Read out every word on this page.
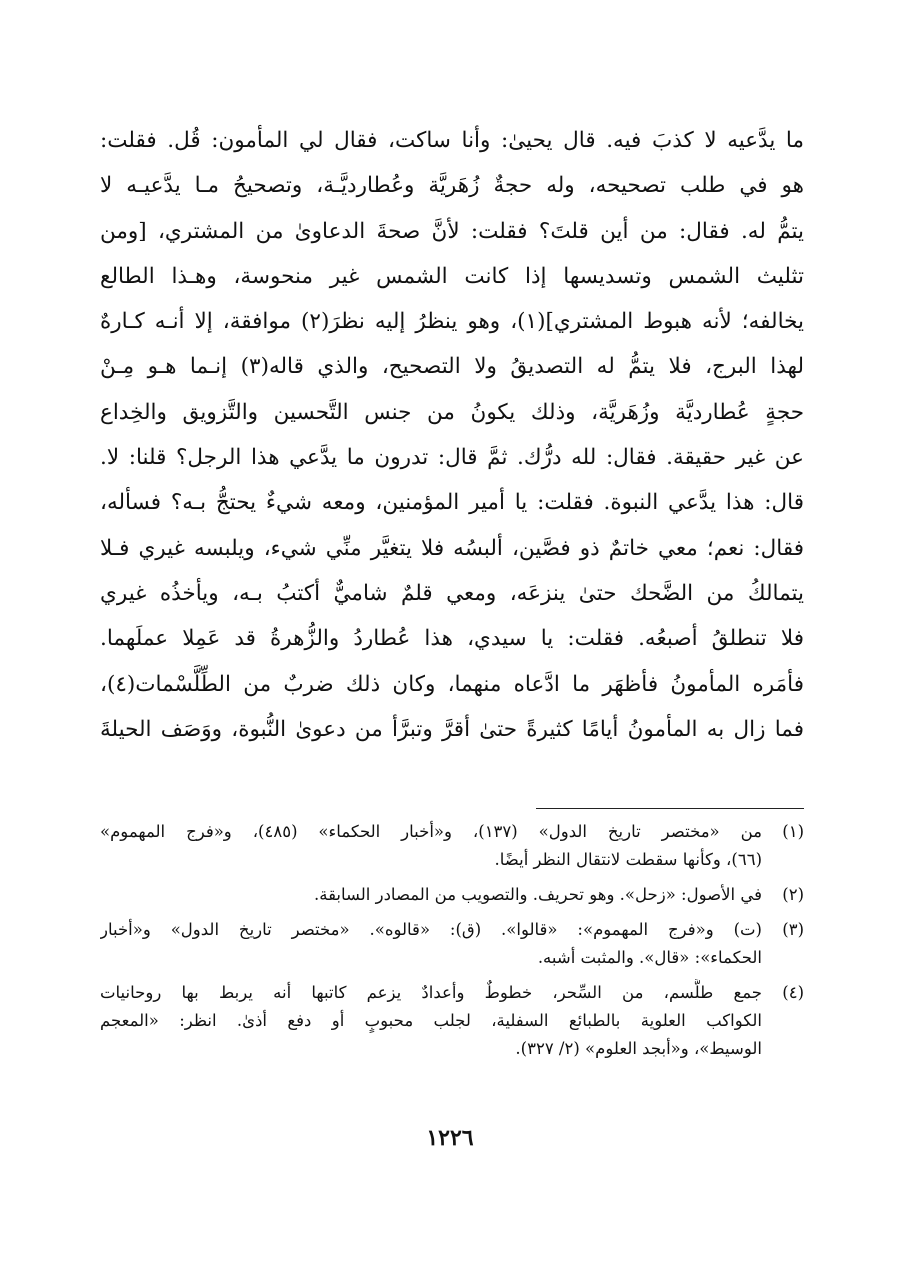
ما يدَّعيه لا كذبَ فيه. قال يحيىٰ: وأنا ساكت، فقال لي المأمون: قُل. فقلت:
هو في طلب تصحيحه، وله حجةٌ زُهَريَّة وعُطارديَّـة، وتصحيحُ مـا يدَّعيـه لا
يتمُّ له. فقال: من أين قلتَ؟ فقلت: لأنَّ صحةَ الدعاوىٰ من المشتري، [ومن
تثليث الشمس وتسديسها إذا كانت الشمس غير منحوسة، وهـذا الطالع
يخالفه؛ لأنه هبوط المشتري](١)، وهو ينظرُ إليه نظرَ(٢) موافقة، إلا أنـه كـارهٌ
لهذا البرج، فلا يتمُّ له التصديقُ ولا التصحيح، والذي قاله(٣) إنـما هـو مِـنْ
حجةٍ عُطارديَّة وزُهَريَّة، وذلك يكونُ من جنس التَّحسين والتَّزويق والخِداع
عن غير حقيقة. فقال: لله درُّك. ثمَّ قال: تدرون ما يدَّعي هذا الرجل؟ قلنا: لا.
قال: هذا يدَّعي النبوة. فقلت: يا أمير المؤمنين، ومعه شيءٌ يحتجُّ بـه؟ فسأله،
فقال: نعم؛ معي خاتمٌ ذو فصَّين، ألبسُه فلا يتغيَّر منِّي شيء، ويلبسه غيري فـلا
يتمالكُ من الضَّحك حتىٰ ينزعَه، ومعي قلمٌ شاميٌّ أكتبُ بـه، ويأخذُه غيري
فلا تنطلقُ أصبعُه. فقلت: يا سيدي، هذا عُطاردُ والزُّهرةُ قد عَمِلا عملَهما.
فأمَره المأمونُ فأظهَر ما ادَّعاه منهما، وكان ذلك ضربٌ من الطِّلَّسْمات(٤)،
فما زال به المأمونُ أيامًا كثيرةً حتىٰ أقرَّ وتبرَّأ من دعوىٰ النُّبوة، ووَصَف الحيلةَ
(١)
من «مختصر تاريخ الدول» (١٣٧)، و«أخبار الحكماء» (٤٨٥)، و«فرج المهموم»
(٦٦)، وكأنها سقطت لانتقال النظر أيضًا.
(٢)
في الأصول: «زحل». وهو تحريف. والتصويب من المصادر السابقة.
(٣)
(ت) و«فرج المهموم»: «قالوا». (ق): «قالوه». «مختصر تاريخ الدول» و«أخبار
الحكماء»: «قال». والمثبت أشبه.
(٤)
جمع طلَّسم، من السِّحر، خطوطٌ وأعدادٌ يزعم كاتبها أنه يربط بها روحانيات
الكواكب العلوية بالطبائع السفلية، لجلب محبوبٍ أو دفع أذىٰ. انظر: «المعجم
الوسيط»، و«أبجد العلوم» (٢/ ٣٢٧).
١٢٢٦
